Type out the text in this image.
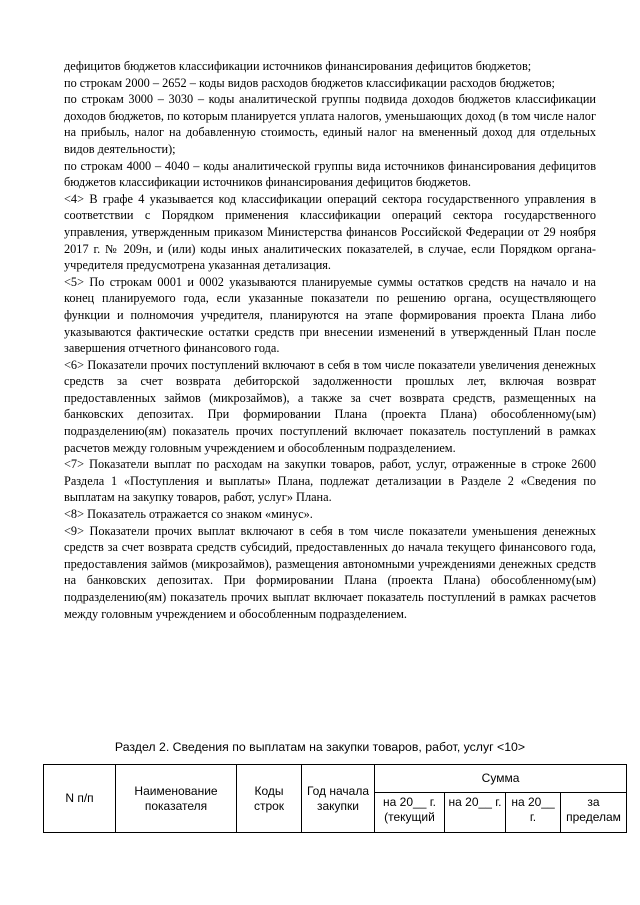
дефицитов бюджетов классификации источников финансирования дефицитов бюджетов;

по строкам 2000 – 2652 – коды видов расходов бюджетов классификации расходов бюджетов;

по строкам 3000 – 3030 – коды аналитической группы подвида доходов бюджетов классификации доходов бюджетов, по которым планируется уплата налогов, уменьшающих доход (в том числе налог на прибыль, налог на добавленную стоимость, единый налог на вмененный доход для отдельных видов деятельности);

по строкам 4000 – 4040 – коды аналитической группы вида источников финансирования дефицитов бюджетов классификации источников финансирования дефицитов бюджетов.

<4> В графе 4 указывается код классификации операций сектора государственного управления в соответствии с Порядком применения классификации операций сектора государственного управления, утвержденным приказом Министерства финансов Российской Федерации от 29 ноября 2017 г. № 209н, и (или) коды иных аналитических показателей, в случае, если Порядком органа-учредителя предусмотрена указанная детализация.

<5> По строкам 0001 и 0002 указываются планируемые суммы остатков средств на начало и на конец планируемого года, если указанные показатели по решению органа, осуществляющего функции и полномочия учредителя, планируются на этапе формирования проекта Плана либо указываются фактические остатки средств при внесении изменений в утвержденный План после завершения отчетного финансового года.

<6> Показатели прочих поступлений включают в себя в том числе показатели увеличения денежных средств за счет возврата дебиторской задолженности прошлых лет, включая возврат предоставленных займов (микрозаймов), а также за счет возврата средств, размещенных на банковских депозитах. При формировании Плана (проекта Плана) обособленному(ым) подразделению(ям) показатель прочих поступлений включает показатель поступлений в рамках расчетов между головным учреждением и обособленным подразделением.

<7> Показатели выплат по расходам на закупки товаров, работ, услуг, отраженные в строке 2600 Раздела 1 «Поступления и выплаты» Плана, подлежат детализации в Разделе 2 «Сведения по выплатам на закупку товаров, работ, услуг» Плана.

<8> Показатель отражается со знаком «минус».

<9> Показатели прочих выплат включают в себя в том числе показатели уменьшения денежных средств за счет возврата средств субсидий, предоставленных до начала текущего финансового года, предоставления займов (микрозаймов), размещения автономными учреждениями денежных средств на банковских депозитах. При формировании Плана (проекта Плана) обособленному(ым) подразделению(ям) показатель прочих выплат включает показатель поступлений в рамках расчетов между головным учреждением и обособленным подразделением.

Раздел 2. Сведения по выплатам на закупки товаров, работ, услуг <10>
N п/п	Наименование показателя	Коды строк	Год начала закупки	Сумма			
				на 20__ г. (текущий	на 20__ г.	на 20__ г.	за пределам
